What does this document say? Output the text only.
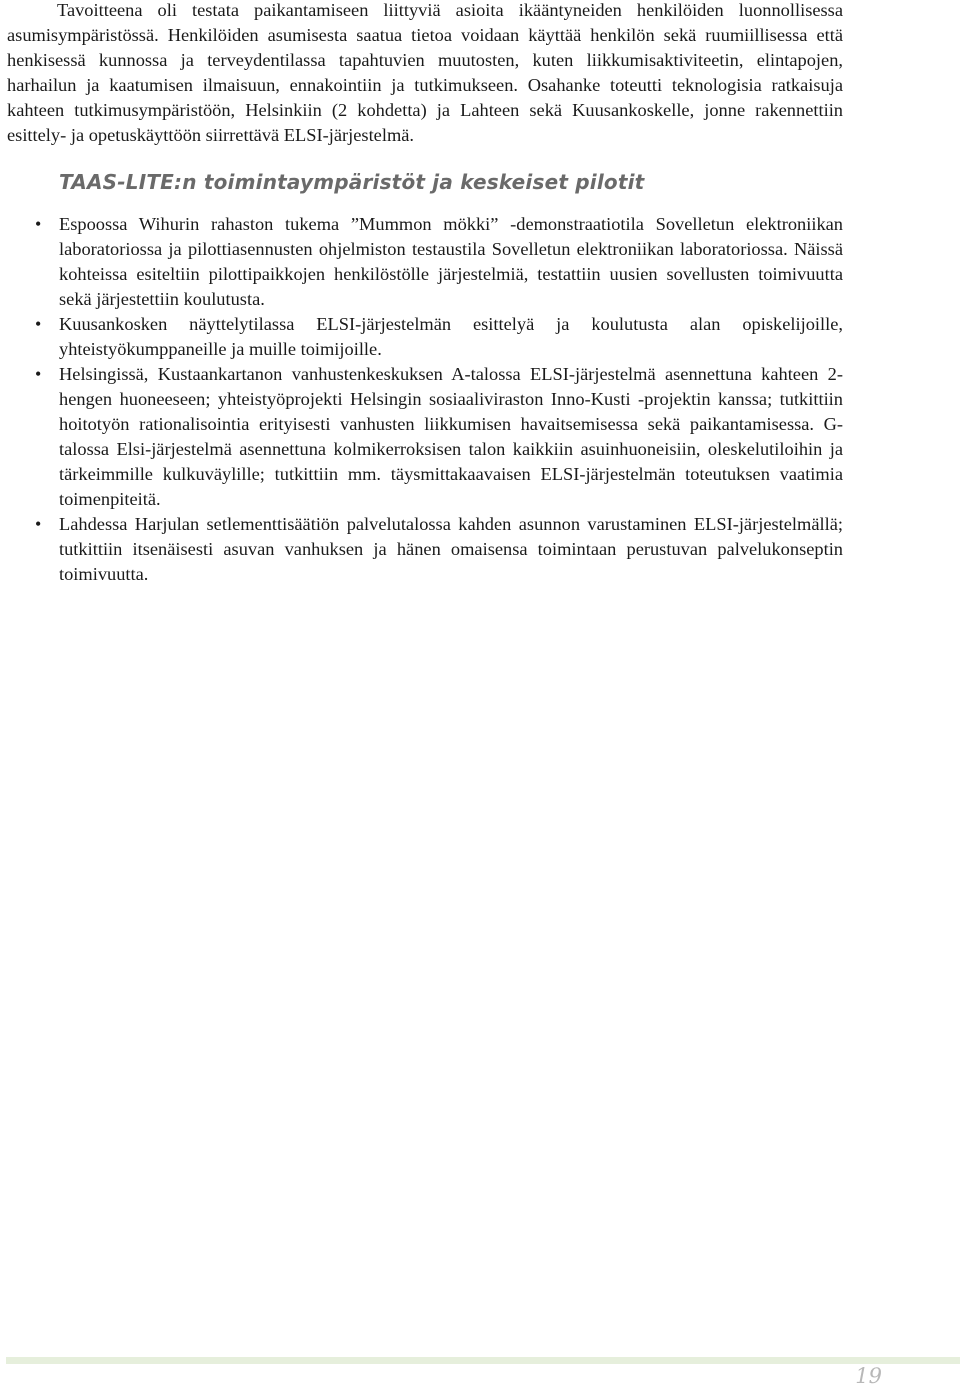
Tavoitteena oli testata paikantamiseen liittyviä asioita ikääntyneiden henkilöiden luonnollisessa asumisympäristössä. Henkilöiden asumisesta saatua tietoa voidaan käyttää henkilön sekä ruumiillisessa että henkisessä kunnossa ja terveydentilassa tapahtuvien muutosten, kuten liikkumisaktiviteetin, elintapojen, harhailun ja kaatumisen ilmaisuun, ennakointiin ja tutkimukseen. Osahanke toteutti teknologisia ratkaisuja kahteen tutkimusympäristöön, Helsinkiin (2 kohdetta) ja Lahteen sekä Kuusankoskelle, jonne rakennettiin esittely- ja opetuskäyttöön siirrettävä ELSI-järjestelmä.

TAAS-LITE:n toimintaympäristöt ja keskeiset pilotit
• Espoossa Wihurin rahaston tukema ”Mummon mökki” -demonstraatiotila Sovelletun elektroniikan laboratoriossa ja pilottiasennusten ohjelmiston testaustila Sovelletun elektroniikan laboratoriossa. Näissä kohteissa esiteltiin pilottipaikkojen henkilöstölle järjestelmiä, testattiin uusien sovellusten toimivuutta sekä järjestettiin koulutusta.
• Kuusankosken näyttelytilassa ELSI-järjestelmän esittelyä ja koulutusta alan opiskelijoille, yhteistyökumppaneille ja muille toimijoille.
• Helsingissä, Kustaankartanon vanhustenkeskuksen A-talossa ELSI-järjestelmä asennettuna kahteen 2-hengen huoneeseen; yhteistyöprojekti Helsingin sosiaaliviraston Inno-Kusti -projektin kanssa; tutkittiin hoitotyön rationalisointia erityisesti vanhusten liikkumisen havaitsemisessa sekä paikantamisessa. G-talossa Elsi-järjestelmä asennettuna kolmikerroksisen talon kaikkiin asuinhuoneisiin, oleskelutiloihin ja tärkeimmille kulkuväylille; tutkittiin mm. täysmittakaavaisen ELSI-järjestelmän toteutuksen vaatimia toimenpiteitä.
• Lahdessa Harjulan setlementtisäätiön palvelutalossa kahden asunnon varustaminen ELSI-järjestelmällä; tutkittiin itsenäisesti asuvan vanhuksen ja hänen omaisensa toimintaan perustuvan palvelukonseptin toimivuutta.
19
